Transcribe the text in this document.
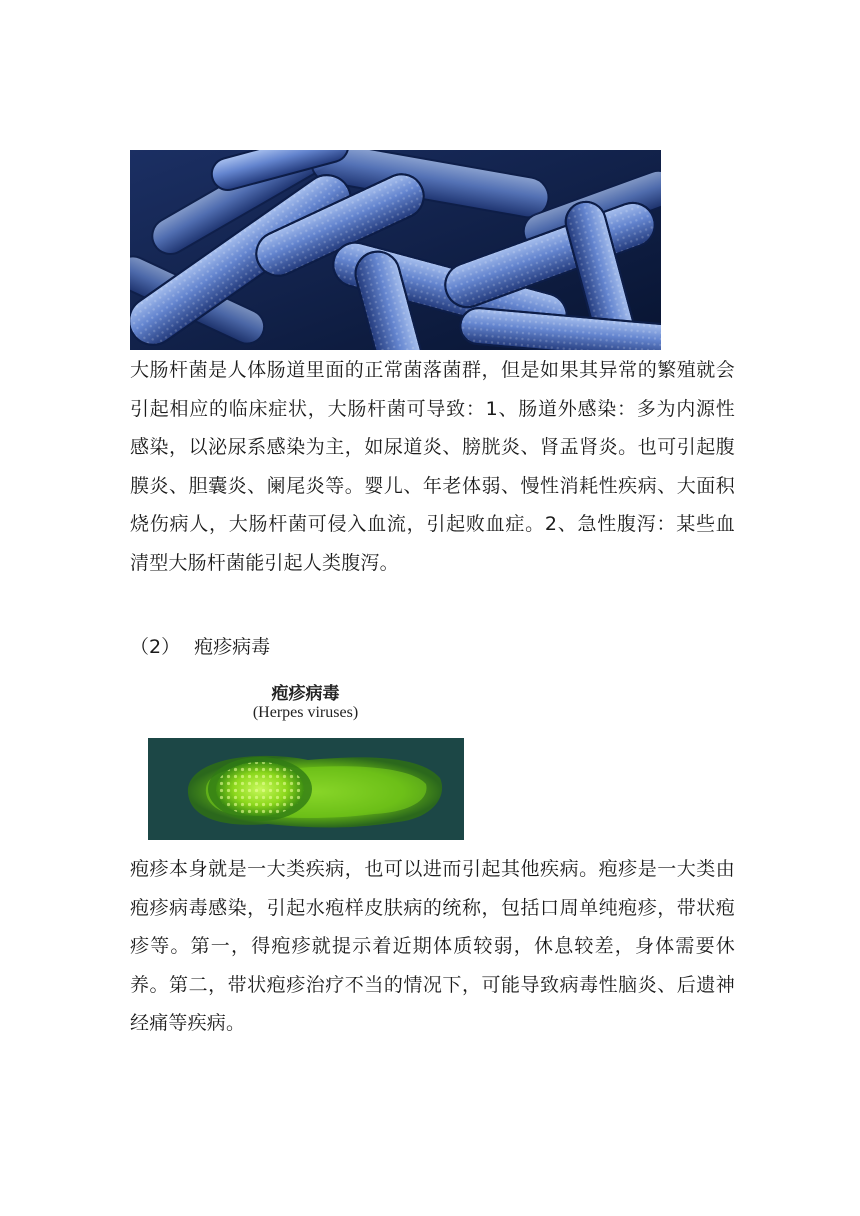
大肠杆菌是人体肠道里面的正常菌落菌群，但是如果其异常的繁殖就会引起相应的临床症状，大肠杆菌可导致：1、肠道外感染：多为内源性感染，以泌尿系感染为主，如尿道炎、膀胱炎、肾盂肾炎。也可引起腹膜炎、胆囊炎、阑尾炎等。婴儿、年老体弱、慢性消耗性疾病、大面积烧伤病人，大肠杆菌可侵入血流，引起败血症。2、急性腹泻：某些血清型大肠杆菌能引起人类腹泻。

（2） 疱疹病毒
疱疹病毒
(Herpes viruses)

疱疹本身就是一大类疾病，也可以进而引起其他疾病。疱疹是一大类由疱疹病毒感染，引起水疱样皮肤病的统称，包括口周单纯疱疹，带状疱疹等。第一，得疱疹就提示着近期体质较弱，休息较差，身体需要休养。第二，带状疱疹治疗不当的情况下，可能导致病毒性脑炎、后遗神经痛等疾病。
